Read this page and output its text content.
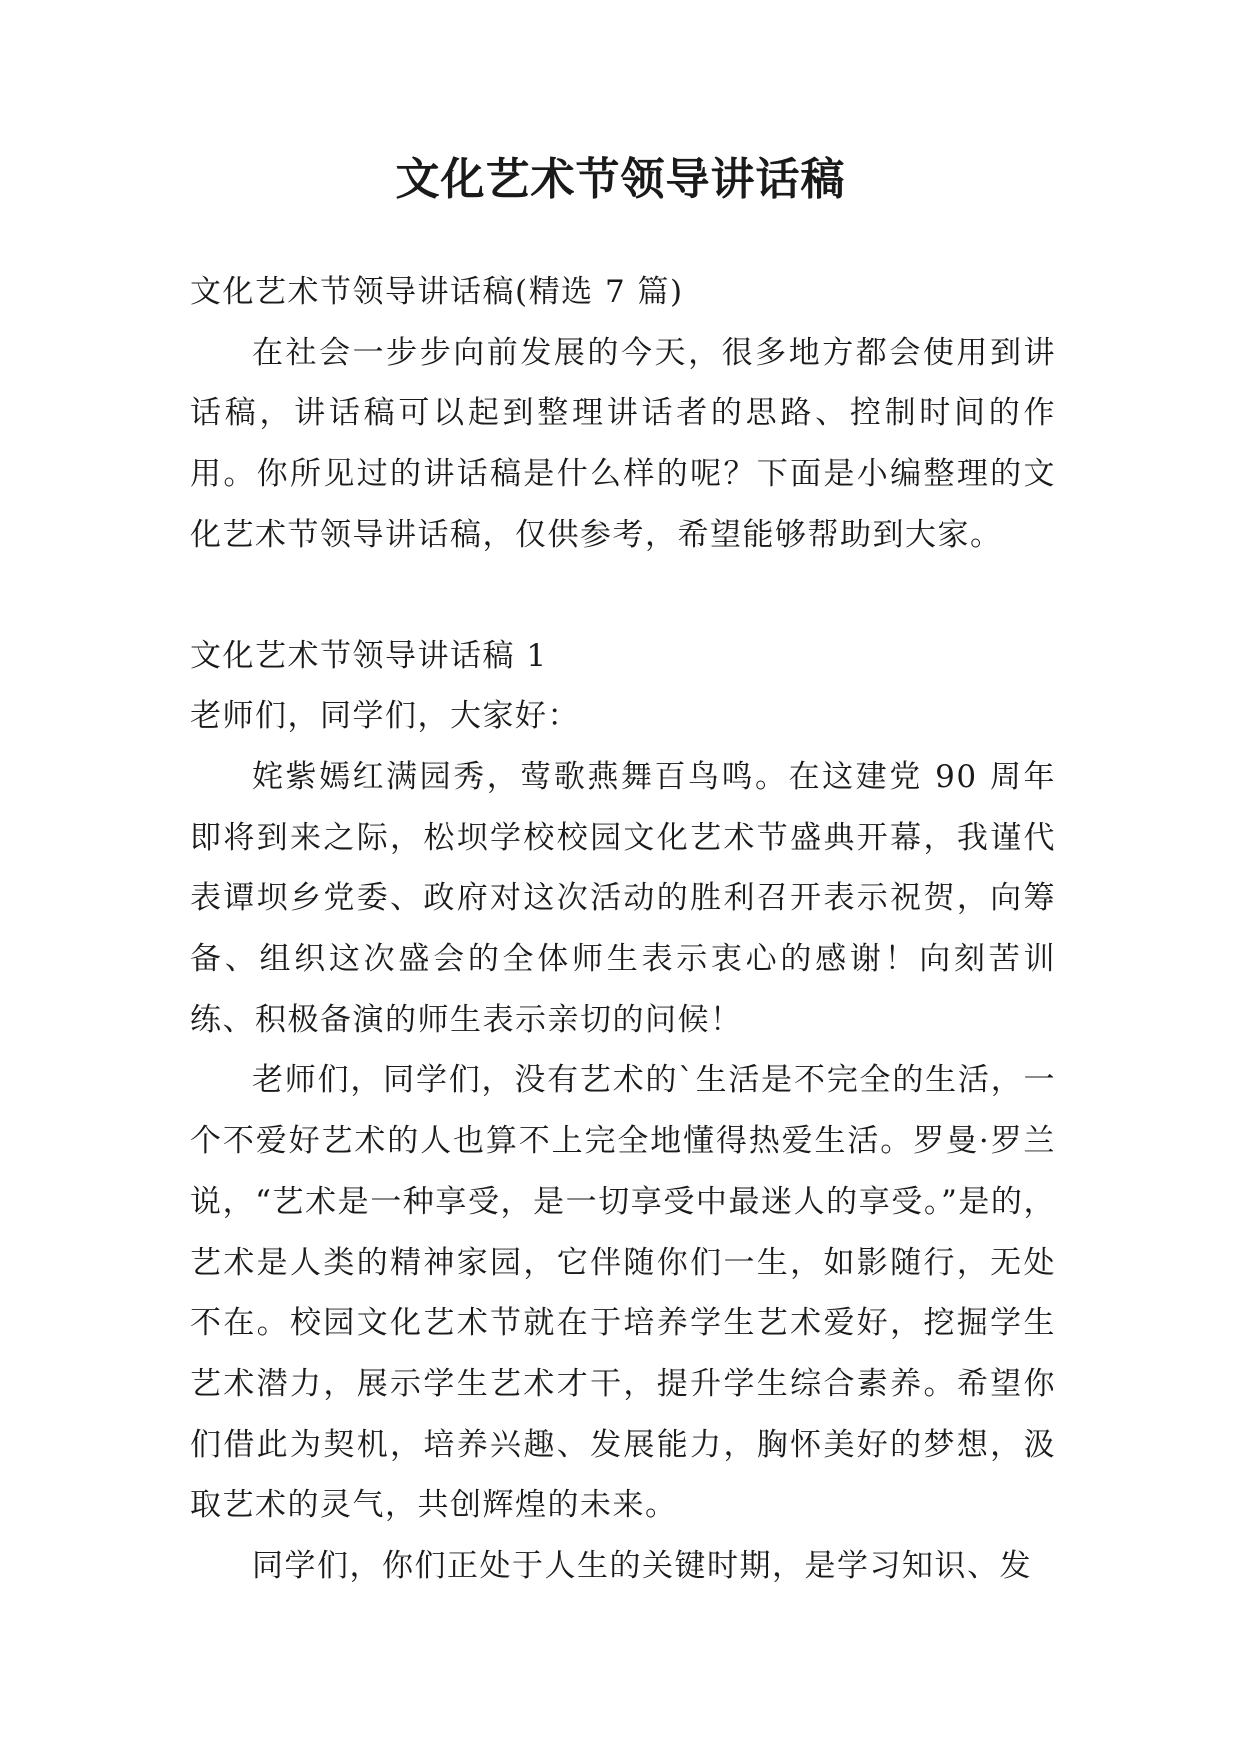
文化艺术节领导讲话稿

文化艺术节领导讲话稿(精选 7 篇)

在社会一步步向前发展的今天，很多地方都会使用到讲话稿，讲话稿可以起到整理讲话者的思路、控制时间的作用。你所见过的讲话稿是什么样的呢？下面是小编整理的文化艺术节领导讲话稿，仅供参考，希望能够帮助到大家。

文化艺术节领导讲话稿 1

老师们，同学们，大家好：

姹紫嫣红满园秀，莺歌燕舞百鸟鸣。在这建党 90 周年即将到来之际，松坝学校校园文化艺术节盛典开幕，我谨代表谭坝乡党委、政府对这次活动的胜利召开表示祝贺，向筹备、组织这次盛会的全体师生表示衷心的感谢！向刻苦训练、积极备演的师生表示亲切的问候！

老师们，同学们，没有艺术的`生活是不完全的生活，一个不爱好艺术的人也算不上完全地懂得热爱生活。罗曼·罗兰说，“艺术是一种享受，是一切享受中最迷人的享受。”是的，艺术是人类的精神家园，它伴随你们一生，如影随行，无处不在。校园文化艺术节就在于培养学生艺术爱好，挖掘学生艺术潜力，展示学生艺术才干，提升学生综合素养。希望你们借此为契机，培养兴趣、发展能力，胸怀美好的梦想，汲取艺术的灵气，共创辉煌的未来。

同学们，你们正处于人生的关键时期，是学习知识、发
